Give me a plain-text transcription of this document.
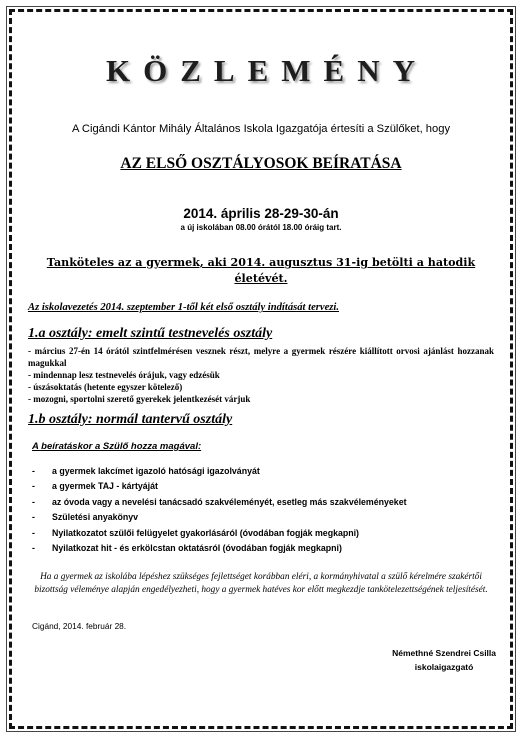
KÖZLEMÉNY
A Cigándi Kántor Mihály Általános Iskola Igazgatója értesíti a Szülőket, hogy
AZ ELSŐ OSZTÁLYOSOK BEÍRATÁSA
2014. április 28-29-30-án
a új iskolában 08.00 órától 18.00 óráig tart.
Tanköteles az a gyermek, aki 2014. augusztus 31-ig betölti a hatodik életévét.
Az iskolavezetés 2014. szeptember 1-től két első osztály indítását tervezi.
1.a osztály: emelt szintű testnevelés osztály
- március 27-én 14 órától szintfelmérésen vesznek részt, melyre a gyermek részére kiállított orvosi ajánlást hozzanak magukkal
- mindennap lesz testnevelés órájuk, vagy edzésük
- úszásoktatás (hetente egyszer kötelező)
- mozogni, sportolni szerető gyerekek jelentkezését várjuk
1.b osztály: normál tantervű osztály
A beíratáskor a Szülő hozza magával:
- a gyermek lakcímet igazoló hatósági igazolványát
- a gyermek TAJ - kártyáját
- az óvoda vagy a nevelési tanácsadó szakvéleményét, esetleg más szakvéleményeket
- Születési anyakönyv
- Nyilatkozatot szülői felügyelet gyakorlásáról (óvodában fogják megkapni)
- Nyilatkozat hit - és erkölcstan oktatásról (óvodában fogják megkapni)
Ha a gyermek az iskolába lépéshez szükséges fejlettséget korábban eléri, a kormányhivatal a szülő kérelmére szakértői bizottság véleménye alapján engedélyezheti, hogy a gyermek hatéves kor előtt megkezdje tankötelezettségének teljesítését.
Cigánd, 2014. február 28.
Némethné Szendrei Csilla
iskolaigazgató
